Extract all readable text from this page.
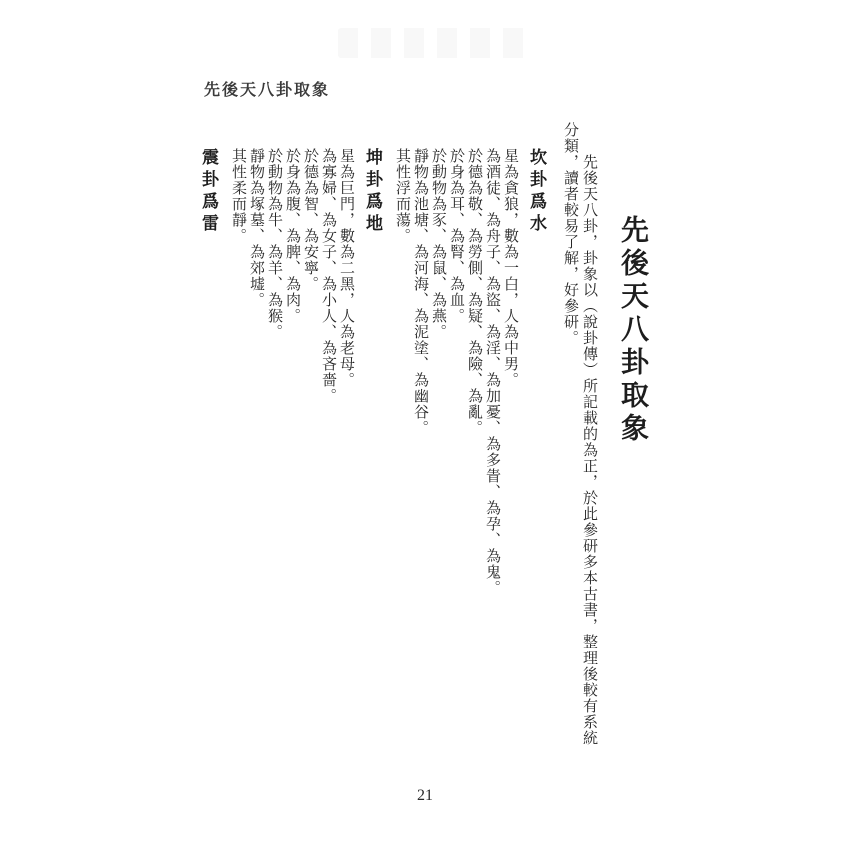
先後天八卦取象
先後天八卦取象
先後天八卦，卦象以（說卦傳）所記載的為正，於此參研多本古書，整理後較有系統
分類，讀者較易了解，好參研。
坎卦爲水
星為貪狼，數為一白，人為中男。
為酒徒、為舟子、為盜、為淫、為加憂、為多眚、為孕、為鬼。
於德為敬、為勞側、為疑、為險、為亂。
於身為耳、為腎、為血。
於動物為豕、為鼠、為燕。
靜物為池塘、為河海、為泥塗、為幽谷。
其性浮而蕩。
坤卦爲地
星為巨門，數為二黑，人為老母。
為寡婦、為女子、為小人、為吝嗇。
於德為智、為安寧。
於身為腹、為脾、為肉。
於動物為牛、為羊、為猴。
靜物為塚墓、為郊墟。
其性柔而靜。
震卦爲雷
21
